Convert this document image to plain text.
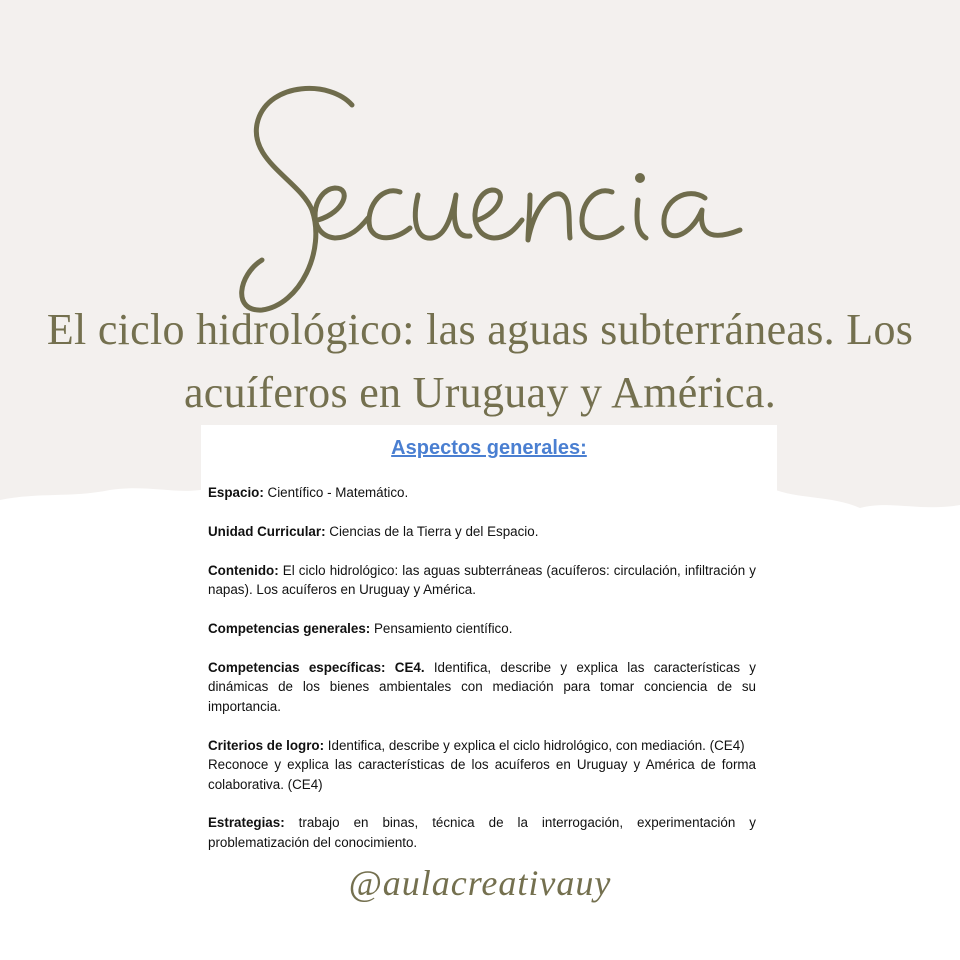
El ciclo hidrológico: las aguas subterráneas. Los
acuíferos en Uruguay y América.
Aspectos generales:

Espacio: Científico - Matemático.

Unidad Curricular: Ciencias de la Tierra y del Espacio.

Contenido: El ciclo hidrológico: las aguas subterráneas (acuíferos: circulación, infiltración y napas). Los acuíferos en Uruguay y América.

Competencias generales: Pensamiento científico.

Competencias específicas: CE4. Identifica, describe y explica las características y dinámicas de los bienes ambientales con mediación para tomar conciencia de su importancia.

Criterios de logro: Identifica, describe y explica el ciclo hidrológico, con mediación. (CE4)
Reconoce y explica las características de los acuíferos en Uruguay y América de forma colaborativa. (CE4)

Estrategias: trabajo en binas, técnica de la interrogación, experimentación y problematización del conocimiento.

@aulacreativauy
